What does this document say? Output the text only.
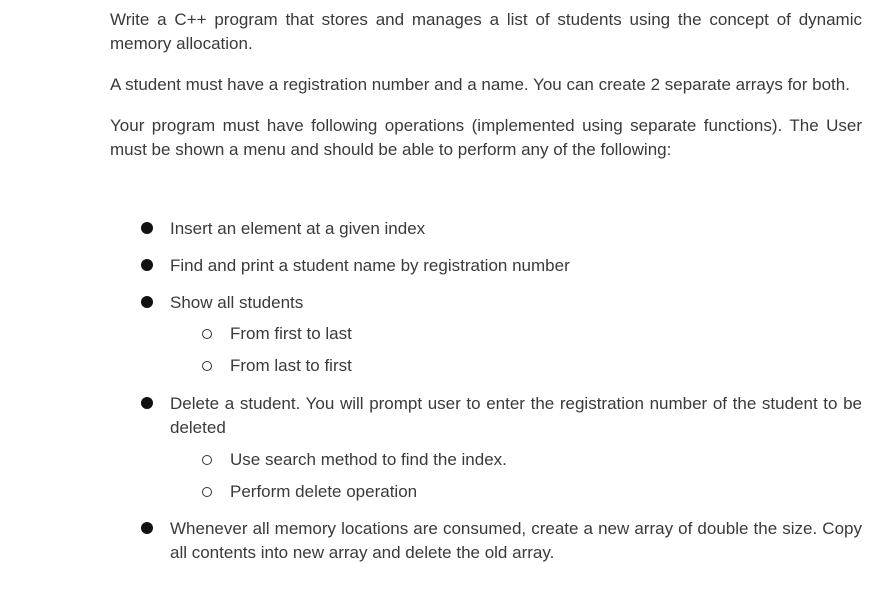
Write a C++ program that stores and manages a list of students using the concept of dynamic memory allocation.

A student must have a registration number and a name. You can create 2 separate arrays for both.

Your program must have following operations (implemented using separate functions). The User must be shown a menu and should be able to perform any of the following:

Insert an element at a given index
Find and print a student name by registration number
Show all students
From first to last
From last to first
Delete a student. You will prompt user to enter the registration number of the student to be deleted
Use search method to find the index.
Perform delete operation
Whenever all memory locations are consumed, create a new array of double the size. Copy all contents into new array and delete the old array.
